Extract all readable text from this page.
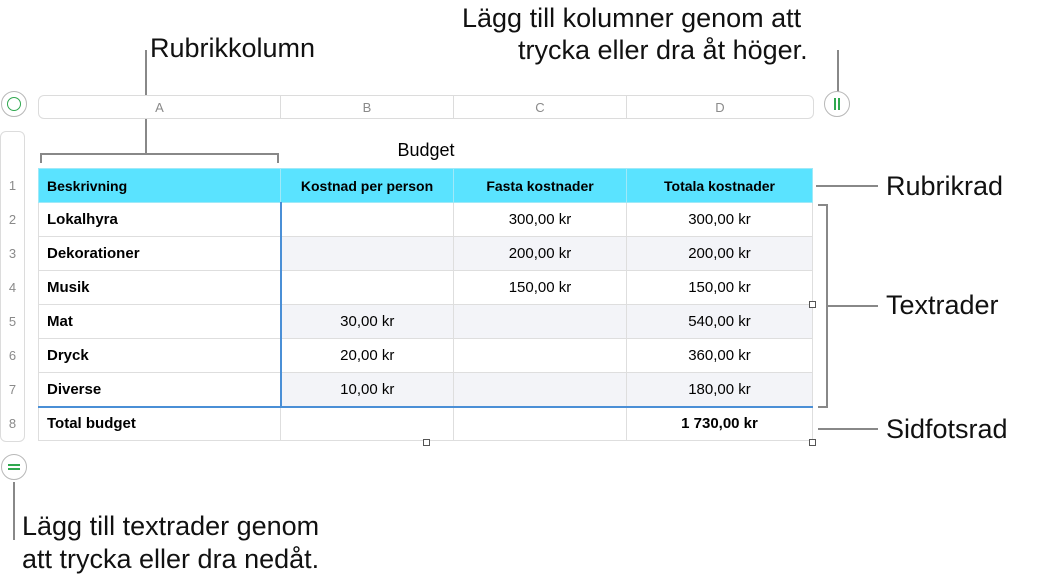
Rubrikkolumn
Lägg till kolumner genom att
trycka eller dra åt höger.
A	B	C	D
1
2
3
4
5
6
7
8
Lägg till textrader genom
att trycka eller dra nedåt.
Budget
Beskrivning	Kostnad per person	Fasta kostnader	Totala kostnader
Lokalhyra		300,00 kr	300,00 kr
Dekorationer		200,00 kr	200,00 kr
Musik		150,00 kr	150,00 kr
Mat	30,00 kr		540,00 kr
Dryck	20,00 kr		360,00 kr
Diverse	10,00 kr		180,00 kr
Total budget			1 730,00 kr
Rubrikrad
Textrader
Sidfotsrad
